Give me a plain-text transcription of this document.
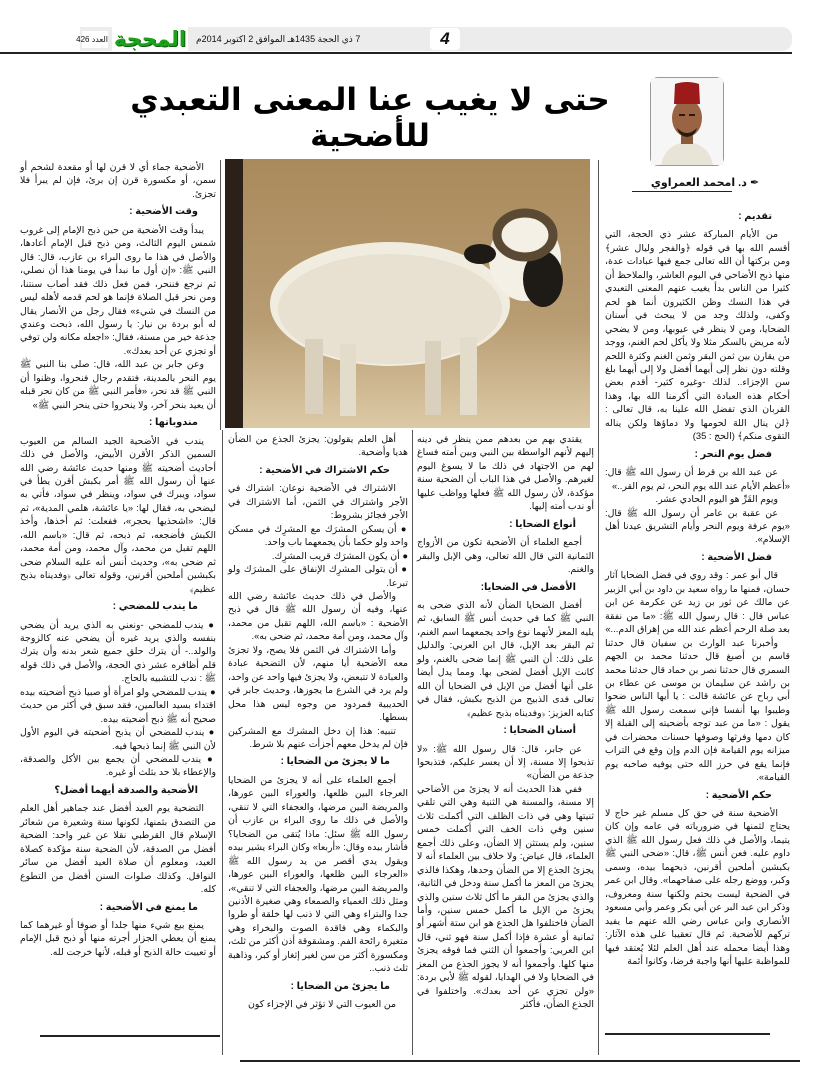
العدد 426 المحجة 7 ذي الحجة 1435هـ الموافق 2 اكتوبر 2014م	4
حتى لا يغيب عنا المعنى التعبدي للأضحية
✒ د. امحمد العمراوي
تقديم :

من الأيام المباركة عشر ذي الحجة، التي أقسم الله بها في قوله ﴿والفجر وليال عشر﴾ ومن بركتها أن الله تعالى جمع فيها عبادات عدة، منها ذبح الأضاحي في اليوم العاشر، والملاحظ أن كثيرا من الناس بدأ يغيب عنهم المعنى التعبدي في هذا النسك وظن الكثيرون أنما هو لحم وكفى، ولذلك وجد من لا يبحث في أسنان الضحايا، ومن لا ينظر في عيوبها، ومن لا يضحي لأنه مريض بالسكر مثلا ولا يأكل لحم الغنم، ووجد من يقارن بين ثمن البقر وثمن الغنم وكثرة اللحم وقلته دون نظر إلى أيهما أفضل ولا إلى أيهما بلغ سن الإجزاء.. لذلك -وغيره كثير- أقدم بعض أحكام هذه العبادة التي أكرمنا الله بها، وهذا القربان الذي تفضل الله علينا به، قال تعالى : ﴿لن ينال اللهَ لحومها ولا دماؤها ولكن يناله التقوى منكم﴾ (الحج : 35)

فضل يوم النحر :

عن عبد الله بن قرط أن رسول الله ﷺ قال: «أعظم الأيام عند الله يوم النحر، ثم يوم القر..»

ويوم القَرِّ هو اليوم الحادي عشر.

عن عقبة بن عامر أن رسول الله ﷺ قال: «يوم عرفة ويوم النحر وأيام التشريق عيدنا أهل الإسلام».

فضل الأضحية :

قال أبو عمر : وقد روي في فضل الضحايا آثار حسان، فمنها ما رواه سعيد بن داود بن أبي الزبير عن مالك عن ثور بن زيد عن عكرمة عن ابن عباس قال : قال رسول الله ﷺ: «ما من نفقة بعد صلة الرحم أعظم عند الله من إهراق الدم...»

وأخبرنا عبد الوارث بن سفيان قال حدثنا قاسم بن أصبغ قال حدثنا محمد بن الجهم السمري قال حدثنا نصر بن حماد قال حدثنا محمد بن راشد عن سليمان بن موسى عن عطاء بن أبي رباح عن عائشة قالت : يا أيها الناس ضحوا وطيبوا بها أنفسا فإني سمعت رسول الله ﷺ يقول : «ما من عبد توجه بأضحيته إلى القبلة إلا كان دمها وفرثها وصوفها حسنات محضرات في ميزانه يوم القيامة فإن الدم وإن وقع في التراب فإنما يقع في حرز الله حتى يوفيه صاحبه يوم القيامة».

حكم الأضحية :

الأضحية سنة في حق كل مسلم غير حاج لا يحتاج لثمنها في ضرورياته في عامه وإن كان يتيما، والأصل في ذلك فعل رسول الله ﷺ الذي داوم عليه. فعن أنس ﷺ، قال: «ضحى النبي ﷺ بكبشين أملحين أقرنين، ذبحهما بيده، وسمى وكبر، ووضع رجله على صفاحهما». وقال ابن عمر في الضحية ليست بحتم ولكنها سنة ومعروف، وذكر ابن عبد البر عن أبي بكر وعمر وأبي مسعود الأنصاري وابن عباس رضي الله عنهم ما يفيد تركهم للأضحية. ثم قال تعقيبا على هذه الآثار: وهذا أيضا محمله عند أهل العلم لئلا يُعتقد فيها للمواظبة عليها أنها واجبة فرضا، وكانوا أئمة

يقتدي بهم من بعدهم ممن ينظر في دينه إليهم لأنهم الواسطة بين النبي وبين أمته فساغ لهم من الاجتهاد في ذلك ما لا يسوغ اليوم لغيرهم. والأصل في هذا الباب أن الضحية سنة مؤكدة، لأن رسول الله ﷺ فعلها وواظب عليها أو ندب أمته إليها.

أنواع الضحايا :

أجمع العلماء أن الأضحية تكون من الأزواج الثمانية التي قال الله تعالى، وهي الإبل والبقر والغنم.

الأفضل في الضحايا:

أفضل الضحايا الضأن لأنه الذي ضحى به النبي ﷺ كما في حديث أنس ﷺ السابق، ثم يليه المعز لأنهما نوع واحد يجمعهما اسم الغنم، ثم البقر بعد الإبل، قال ابن العربي: والدليل على ذلك: أن النبي ﷺ إنما ضحى بالغنم، ولو كانت الإبل أفضل لضحى بها. ومما يدل أيضا على أنها أفضل من الإبل في الضحايا أن الله تعالى فدى الذبيح من الذبح بكبش، فقال في كتابه العزيز: ﴿وفديناه بذبح عظيم﴾

أسنان الضحايا :

عن جابر، قال: قال رسول الله ﷺ: «لا تذبحوا إلا مسنة، إلا أن يعسر عليكم، فتذبحوا جذعة من الضأن»

ففي هذا الحديث أنه لا يجزئ من الأضاحي إلا مسنة، والمسنة هي الثنية وهي التي تلقي ثنيتها وهي في ذات الظلف التي أكملت ثلاث سنين وفي ذات الخف التي أكملت خمس سنين، ولم يستثن إلا الضأن، وعلى ذلك أجمع العلماء، قال عياض: ولا خلاف بين العلماء أنه لا يجزئ الجذع إلا من الضأن وحدها، وهكذا فالذي يجزئ من المعز ما أكمل سنة ودخل في الثانية، والذي يجزئ من البقر ما أكل ثلاث سنين والذي يجزئ من الإبل ما أكمل خمس سنين، وأما الضأن فاختلفوا هل الجذع هو ابن ستة أشهر أو ثمانية أو عشرة فإذا أكمل سنة فهو ثني، قال ابن العربي: وأجمعوا أن الثني فما فوقه يجزئ منها كلها. وأجمعوا أنه لا يجوز الجذع من المعز في الضحايا ولا في الهدايا، لقوله ﷺ لأبي بردة: «ولن تجزي عن أحد بعدك». واختلفوا في الجذع الضأن، فأكثر

أهل العلم يقولون: يجزئ الجذع من الضأن هديا وأضحية.

حكم الاشتراك في الأضحية :

الاشتراك في الأضحية نوعان: اشتراك في الأجر واشتراك في الثمن، أما الاشتراك في الأجر فجائز بشروط:

● أن يسكن المشرَك مع المشرِك في مسكن واحد ولو حكما بأن يجمعهما باب واحد.

● أن يكون المشرَك قريب المشرِك.

● أن يتولى المشرِك الإنفاق على المشرَك ولو تبرعا.

والأصل في ذلك حديث عائشة رضي الله عنها، وفيه أن رسول الله ﷺ قال في ذبح الأضحية : «باسم الله، اللهم تقبل من محمد، وآل محمد، ومن أمة محمد، ثم ضحى به».

وأما الاشتراك في الثمن فلا يصح، ولا تجزئ معه الأضحية أيا منهم، لأن التضحية عبادة والعبادة لا تتبعض، ولا يجزئ فيها واحد عن واحد، ولم يرد في الشرع ما يجوزها، وحديث جابر في الحديبية فمردود من وجوه ليس هذا محل بسطها.

تنبيه: هذا إن دخل المشرك مع المشركين فإن لم يدخل معهم أجزأت عنهم بلا شرط.

ما لا يجزئ من الضحايا :

أجمع العلماء على أنه لا يجزئ من الضحايا العرجاء البين ظلعها، والعوراء البين عورها، والمريضة البين مرضها، والعجفاء التي لا تنقي، والأصل في ذلك ما روى البراء بن عازب أن رسول الله ﷺ سئل: ماذا يُتقى من الضحايا؟ فأشار بيده وقال: «أربعا» وكان البراء يشير بيده ويقول يدي أقصر من يد رسول الله ﷺ «العرجاء البين ظلعها، والعوراء البين عورها، والمريضة البين مرضها، والعجفاء التي لا تنقي»، ومثل ذلك العمياء والصمعاء وهي صغيرة الأذنين جدا والبتراء وهي التي لا ذنب لها خلقة أو طروا والبكماء وهي فاقدة الصوت والبخراء وهي متغيرة رائحة الفم. ومشقوقة أذن أكثر من ثلث، ومكسورة أكثر من سن لغير إثغار أو كبر، وذاهبة ثلث ذنب..

ما يجزئ من الضحايا :

من العيوب التي لا تؤثر في الإجزاء كون

الأضحية جماء أي لا قرن لها أو مقعدة لشحم أو سمن، أو مكسورة قرن إن برئ، فإن لم يبرأ فلا تجزئ.

وقت الأضحية :

يبدأ وقت الأضحية من حين ذبح الإمام إلى غروب شمس اليوم الثالث، ومن ذبح قبل الإمام أعادها، والأصل في هذا ما روى البراء بن عازب، قال: قال النبي ﷺ: «إن أول ما نبدأ في يومنا هذا أن نصلي، ثم نرجع فننحر، فمن فعل ذلك فقد أصاب سنتنا، ومن نحر قبل الصلاة فإنما هو لحم قدمه لأهله ليس من النسك في شيء» فقال رجل من الأنصار يقال له أبو بردة بن نيار: يا رسول الله، ذبحت وعندي جذعة خير من مسنة، فقال: «اجعله مكانه ولن توفي أو تجزي عن أحد بعدك».

وعن جابر بن عبد الله، قال: صلى بنا النبي ﷺ يوم النحر بالمدينة، فتقدم رجال فنحروا، وظنوا أن النبي ﷺ قد نحر، «فأمر النبي ﷺ من كان نحر قبله أن يعيد بنحر آخر، ولا ينحروا حتى ينحر النبي ﷺ»

مندوباتها :

يندب في الأضحية الجيد السالم من العيوب السمين الذكر الأقرن الأبيض، والأصل في ذلك أحاديث أضحيته ﷺ ومنها حديث عائشة رضي الله عنها أن رسول الله ﷺ أمر بكبش أقرن يطأ في سواد، ويبرك في سواد، وينظر في سواد، فأتي به ليضحي به، فقال لها: «يا عائشة، هلمي المدية»، ثم قال: «اشحذيها بحجر»، ففعلت: ثم أخذها، وأخذ الكبش فأضجعه، ثم ذبحه، ثم قال: «باسم الله، اللهم تقبل من محمد، وآل محمد، ومن أمة محمد، ثم ضحى به»، وحديث أنس أنه عليه السلام ضحى بكبشين أملحين أقرنين، وقوله تعالى ﴿وفديناه بذبح عظيم﴾

ما يندب للمضحي :

● يندب للمضحي -ونعني به الذي يريد أن يضحي بنفسه والذي يريد غيره أن يضحي عنه كالزوجة والولد..- أن يترك حلق جميع شعر بدنه وأن يترك قلم أظافره عشر ذي الحجة، والأصل في ذلك قوله ﷺ : ندب للتشبيه بالحاج.

● يندب للمضحي ولو امرأة أو صبيا ذبح أضحيته بيده اقتداء بسيد العالمين، فقد سبق في أكثر من حديث صحيح أنه ﷺ ذبح أضحيته بيده.

● يندب للمضحي أن يذبح أضحيته في اليوم الأول لأن النبي ﷺ إنما ذبحها فيه.

● يندب للمضحي أن يجمع بين الأكل والصدقة، والإعطاء بلا حد بثلث أو غيره.

الأضحية والصدقة أيهما أفضل؟

التضحية يوم العيد أفضل عند جماهير أهل العلم من التصدق بثمنها، لكونها سنة وشعيرة من شعائر الإسلام قال القرطبي نقلا عن غير واحد: الضحية أفضل من الصدقة، لأن الضحية سنة مؤكدة كصلاة العيد، ومعلوم أن صلاة العيد أفضل من سائر النوافل. وكذلك صلوات السنن أفضل من التطوع كله.

ما يمنع في الأضحية :

يمنع بيع شيء منها جلدا أو صوفا أو غيرهما كما يمنع أن يعطي الجزار أجرته منها أو ذبح قبل الإمام أو تعييت حالة الذبح أو قبله، لأنها خرجت لله.
